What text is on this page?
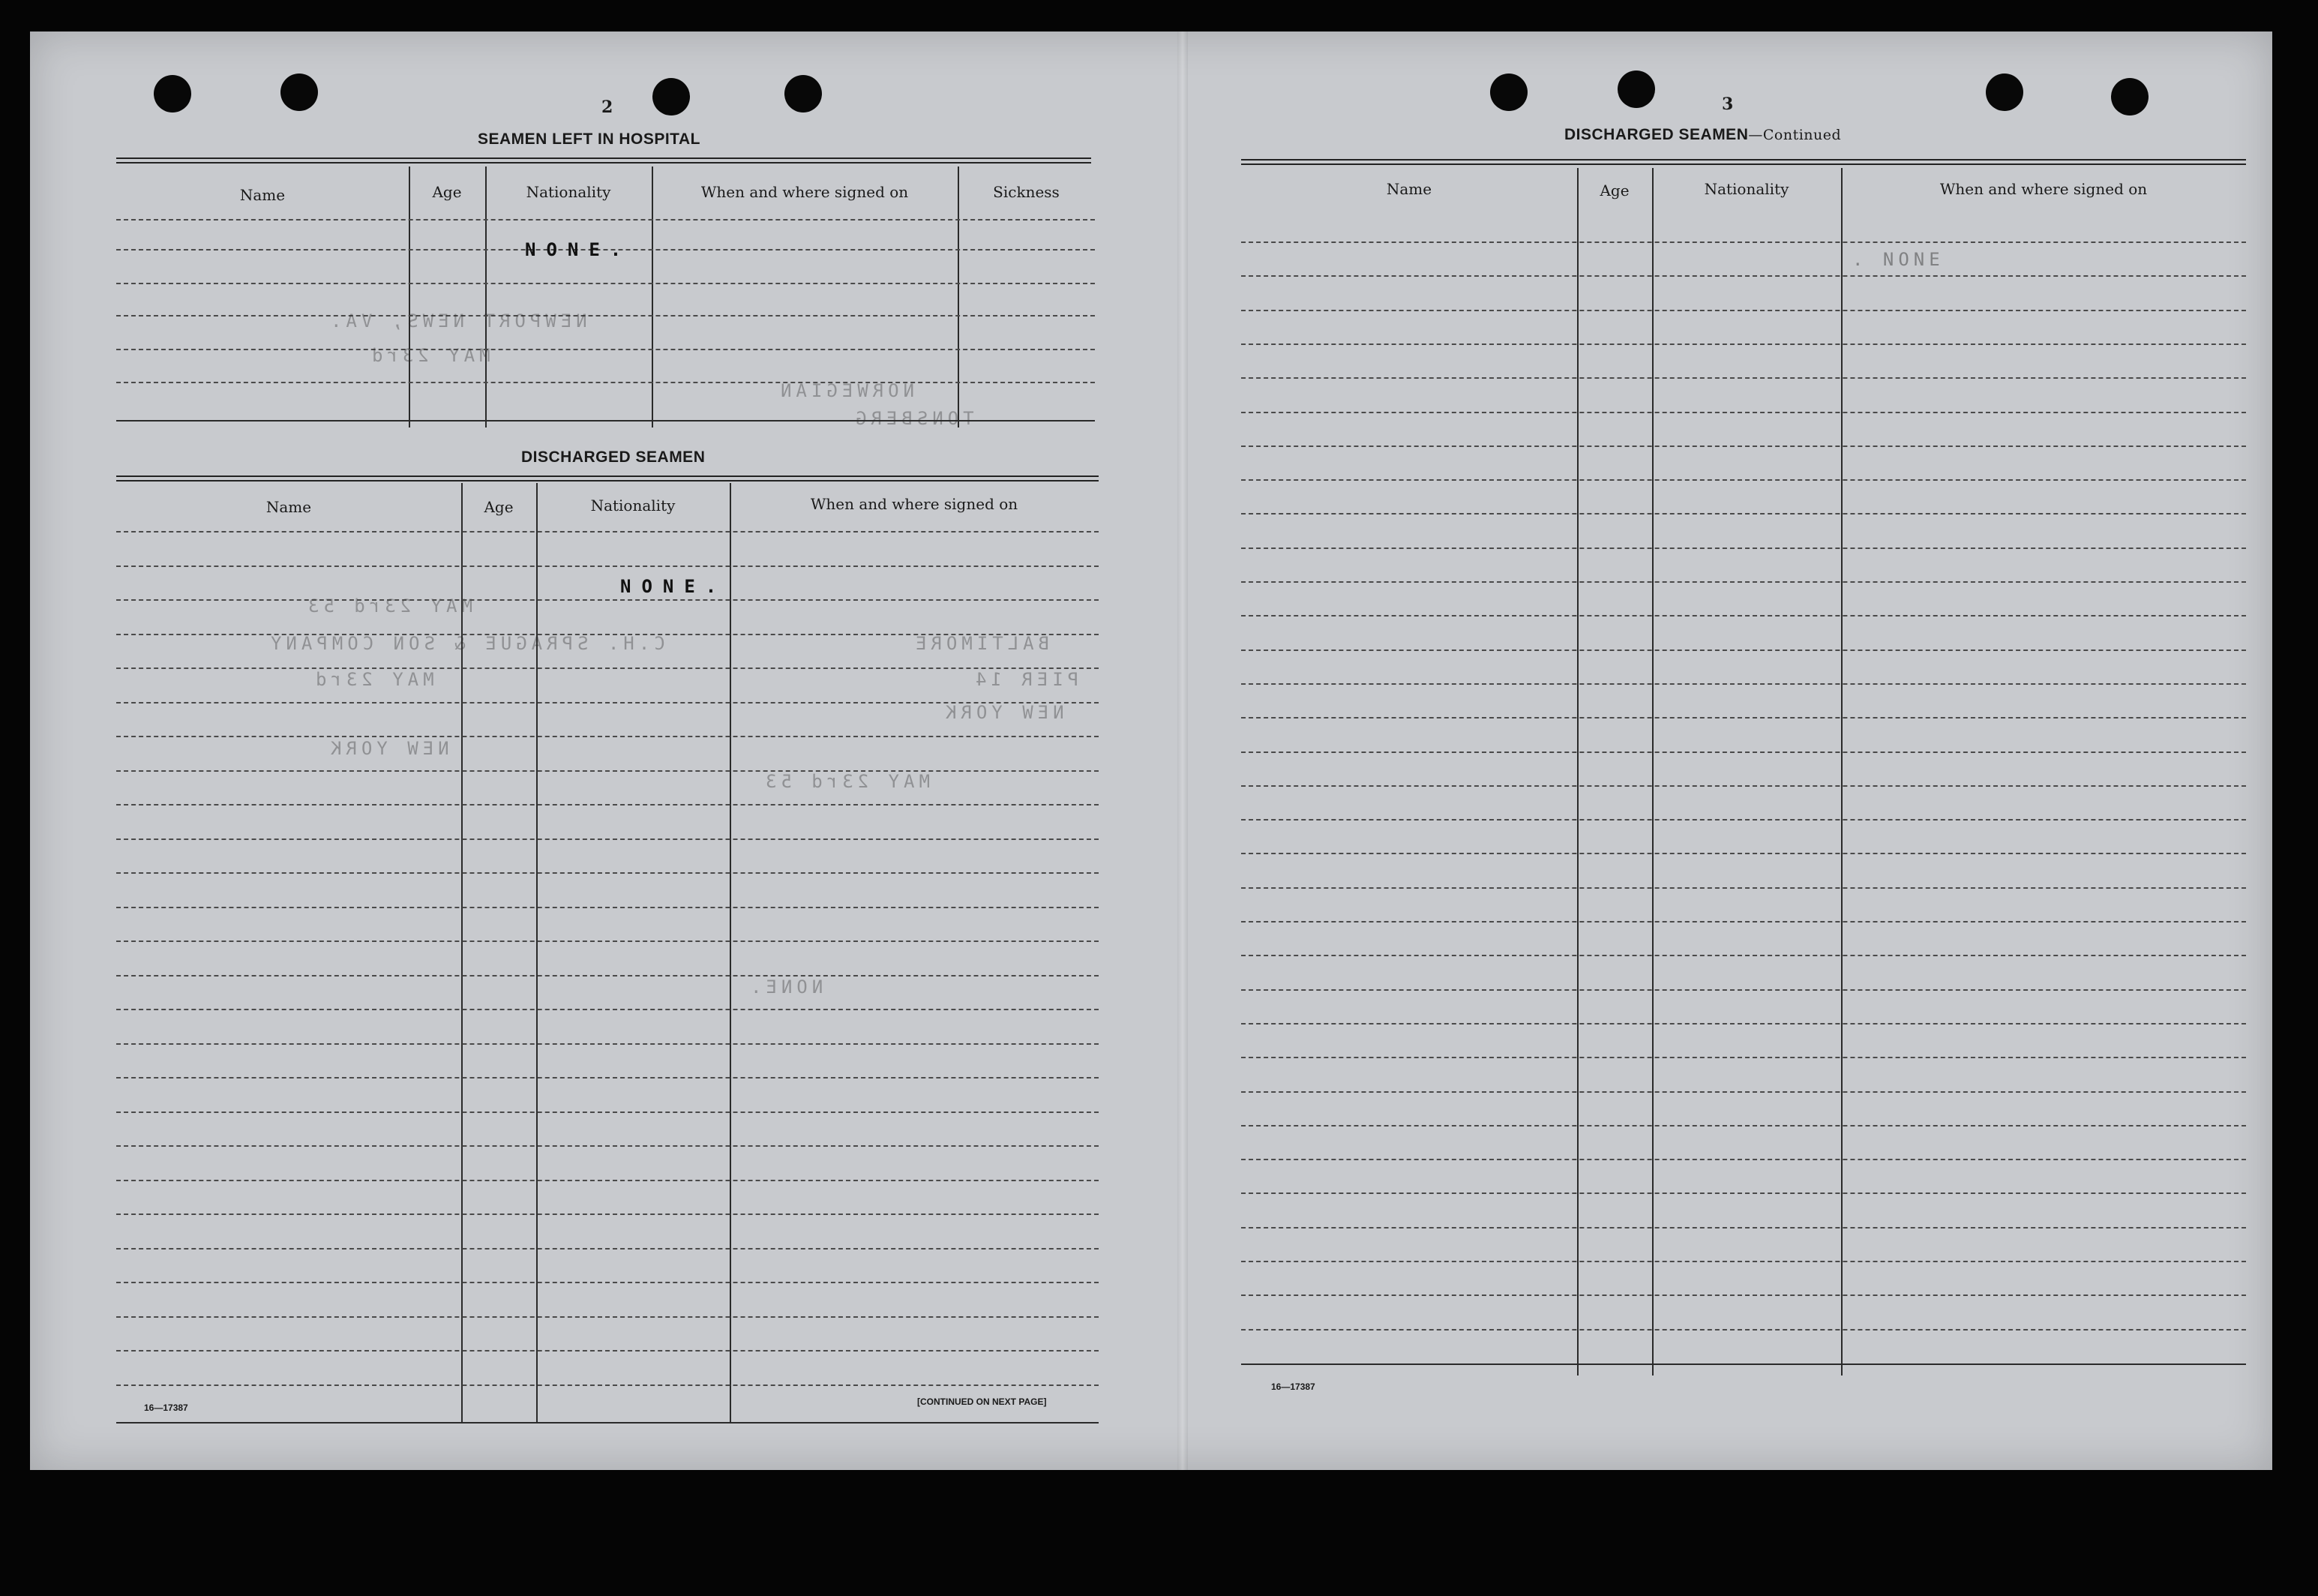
2
SEAMEN LEFT IN HOSPITAL
Name	Age	Nationality	When and where signed on	Sickness
NONE.
NEWPORT NEWS, VA.
MAY 23rd
NORWEGIAN
TONSBERG
DISCHARGED SEAMEN
Name	Age	Nationality	When and where signed on
NONE.
MAY 23rd 53
C.H. SPRAGUE & SON COMPANY	BALTIMORE
MAY 23rd	PIER 14
NEW YORK
NEW YORK
MAY 23rd 53
NONE.
16—17387
[CONTINUED ON NEXT PAGE]
3
DISCHARGED SEAMEN—Continued
Name	Age	Nationality	When and where signed on
. NONE
16—17387
